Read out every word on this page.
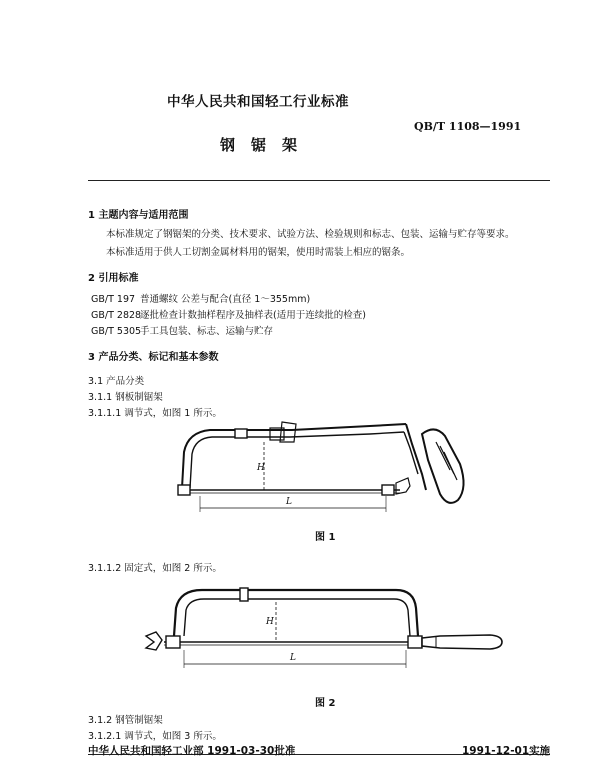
中华人民共和国轻工行业标准
QB/T 1108—1991
钢锯架
1 主题内容与适用范围
本标准规定了钢锯架的分类、技术要求、试验方法、检验规则和标志、包装、运输与贮存等要求。
本标准适用于供人工切割金属材料用的锯架，使用时需装上相应的锯条。
2 引用标准
GB/T 197 普通螺纹 公差与配合(直径 1～355mm)
GB/T 2828 逐批检查计数抽样程序及抽样表(适用于连续批的检查)
GB/T 5305 手工具包装、标志、运输与贮存
3 产品分类、标记和基本参数
3.1 产品分类
3.1.1 钢板制锯架
3.1.1.1 调节式，如图 1 所示。
H
L
图 1
3.1.1.2 固定式，如图 2 所示。
H
L
图 2
3.1.2 钢管制锯架
3.1.2.1 调节式，如图 3 所示。
中华人民共和国轻工业部 1991-03-30批准	1991-12-01实施
